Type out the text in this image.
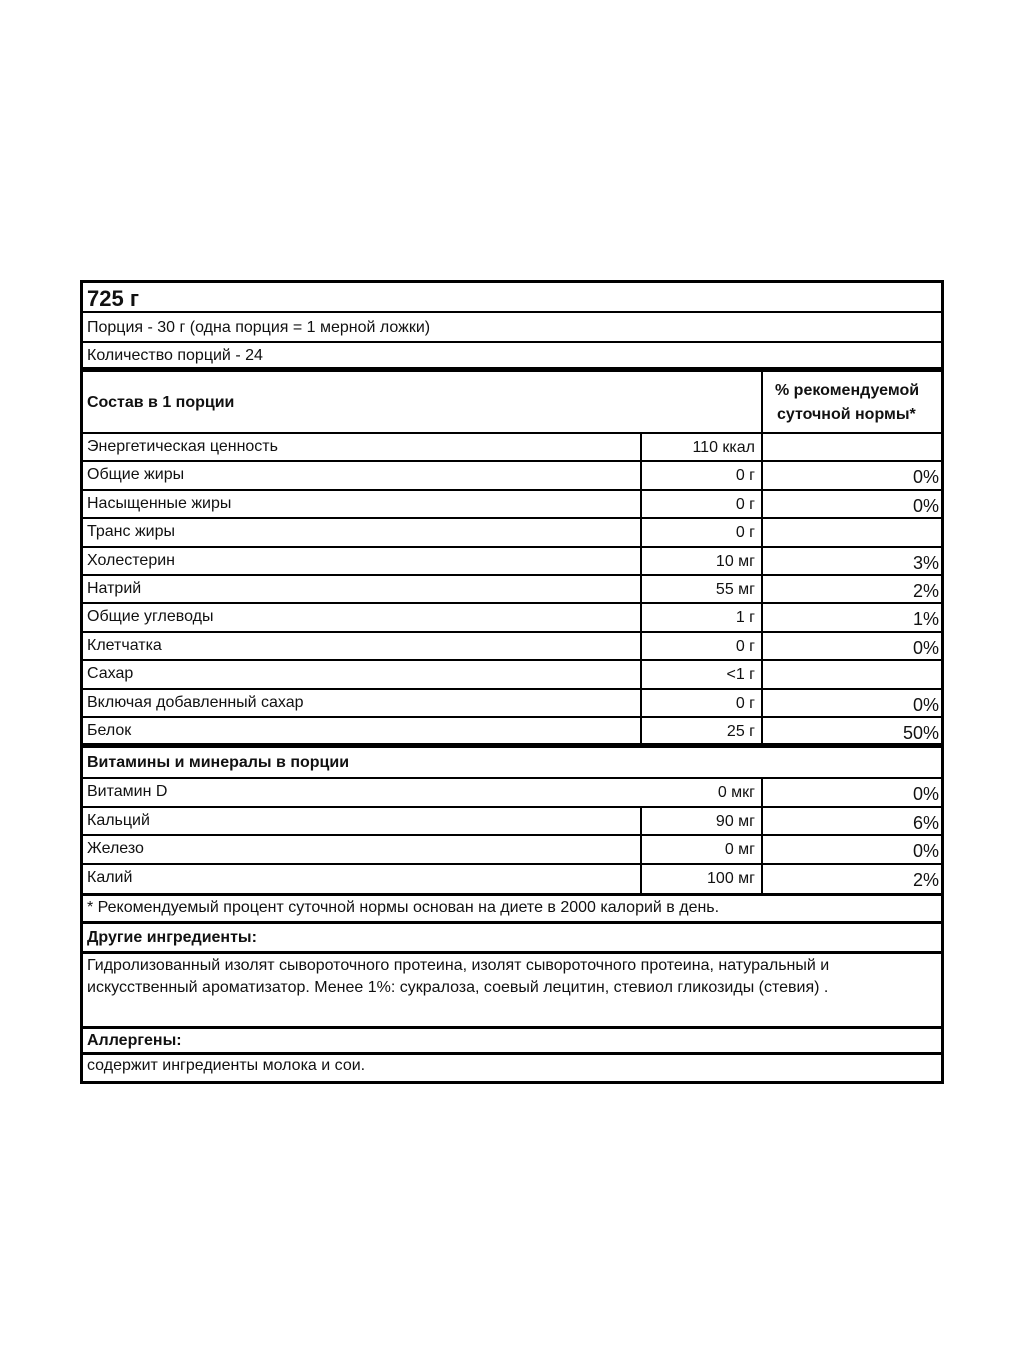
725 г
Порция - 30 г (одна порция = 1 мерной ложки)
Количество порций - 24
Состав в 1 порции
% рекомендуемой
суточной нормы*
Энергетическая ценность	110 ккал
Общие жиры	0 г	0%
Насыщенные жиры	0 г	0%
Транс жиры	0 г
Холестерин	10 мг	3%
Натрий	55 мг	2%
Общие углеводы	1 г	1%
Клетчатка	0 г	0%
Сахар	<1 г
Включая добавленный сахар	0 г	0%
Белок	25 г	50%
Витамины и минералы в порции
Витамин D	0 мкг	0%
Кальций	90 мг	6%
Железо	0 мг	0%
Калий	100 мг	2%
* Рекомендуемый процент суточной нормы основан на диете в 2000 калорий в день.
Другие ингредиенты:
Гидролизованный изолят сывороточного протеина, изолят сывороточного протеина, натуральный и
искусственный ароматизатор. Менее 1%: сукралоза, соевый лецитин, стевиол гликозиды (стевия) .
Аллергены:
содержит ингредиенты молока и сои.
